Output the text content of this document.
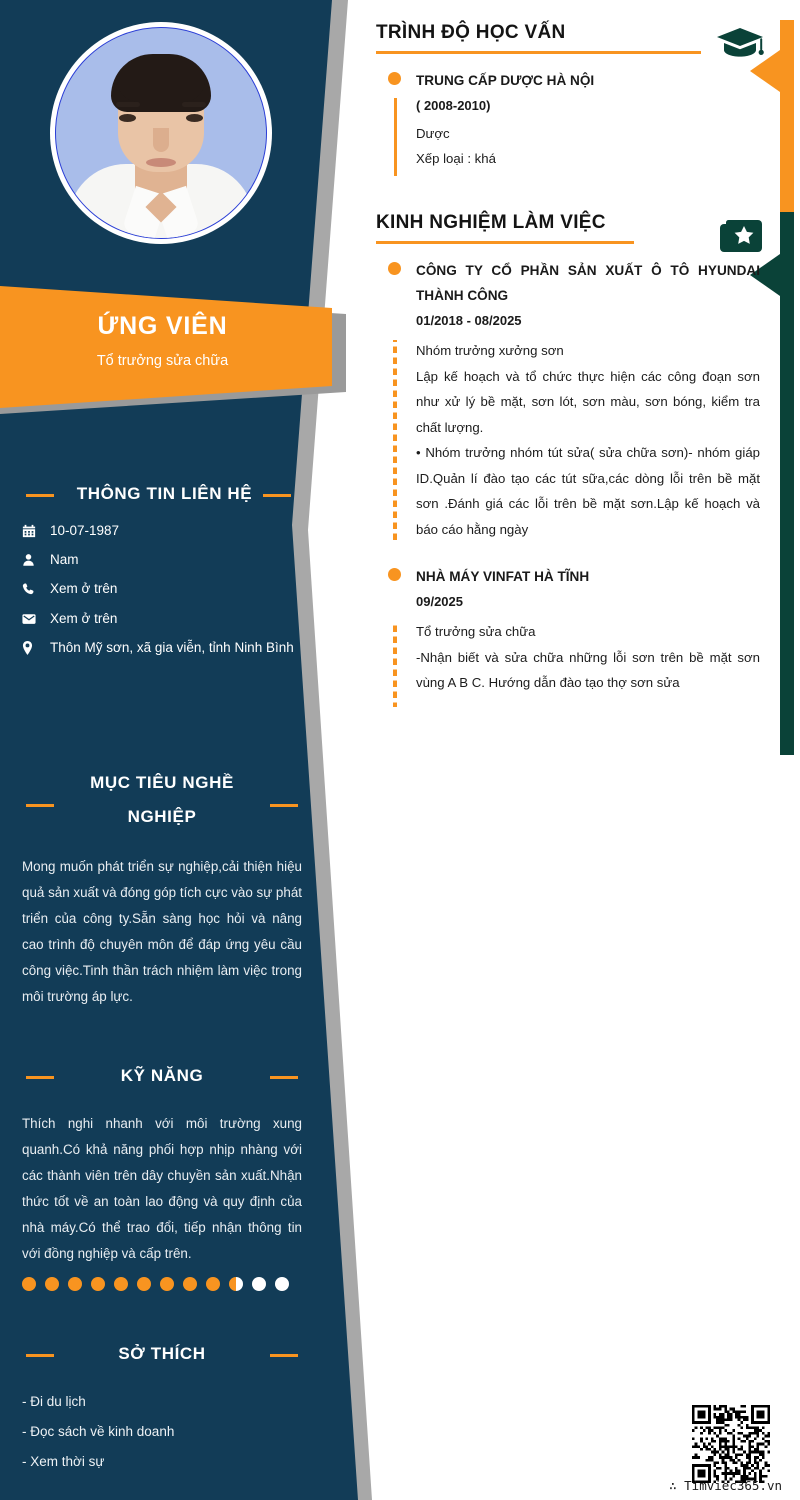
ỨNG VIÊN
Tổ trưởng sửa chữa
THÔNG TIN LIÊN HỆ
10-07-1987
Nam
Xem ở trên
Xem ở trên
Thôn Mỹ sơn, xã gia viễn, tỉnh Ninh Bình
MỤC TIÊU NGHỀ
NGHIỆP
Mong muốn phát triển sự nghiệp,cải thiện hiệu quả sản xuất và đóng góp tích cực vào sự phát triển của công ty.Sẵn sàng học hỏi và nâng cao trình độ chuyên môn để đáp ứng yêu cầu công việc.Tinh thần trách nhiệm làm việc trong môi trường áp lực.
KỸ NĂNG
Thích nghi nhanh với môi trường xung quanh.Có khả năng phối hợp nhịp nhàng với các thành viên trên dây chuyền sản xuất.Nhận thức tốt về an toàn lao động và quy định của nhà máy.Có thể trao đổi, tiếp nhận thông tin với đồng nghiệp và cấp trên.
SỞ THÍCH
- Đi du lịch
- Đọc sách về kinh doanh
- Xem thời sự
TRÌNH ĐỘ HỌC VẤN
TRUNG CẤP DƯỢC HÀ NỘI
( 2008-2010)
Dược
Xếp loại : khá
KINH NGHIỆM LÀM VIỆC
CÔNG TY CỔ PHẦN SẢN XUẤT Ô TÔ HYUNDAI THÀNH CÔNG
01/2018 - 08/2025

Nhóm trưởng xưởng sơn

Lập kế hoạch và tổ chức thực hiện các công đoạn sơn như xử lý bề mặt, sơn lót, sơn màu, sơn bóng, kiểm tra chất lượng.

• Nhóm trưởng nhóm tút sửa( sửa chữa sơn)- nhóm giáp ID.Quản lí đào tạo các tút sữa,các dòng lỗi trên bề mặt sơn .Đánh giá các lỗi trên bề mặt sơn.Lập kế hoạch và báo cáo hằng ngày

NHÀ MÁY VINFAT HÀ TĨNH
09/2025

Tổ trưởng sửa chữa

-Nhận biết và sửa chữa những lỗi sơn trên bề mặt sơn vùng A B C. Hướng dẫn đào tạo thợ sơn sửa

∴ Timviec365.vn
